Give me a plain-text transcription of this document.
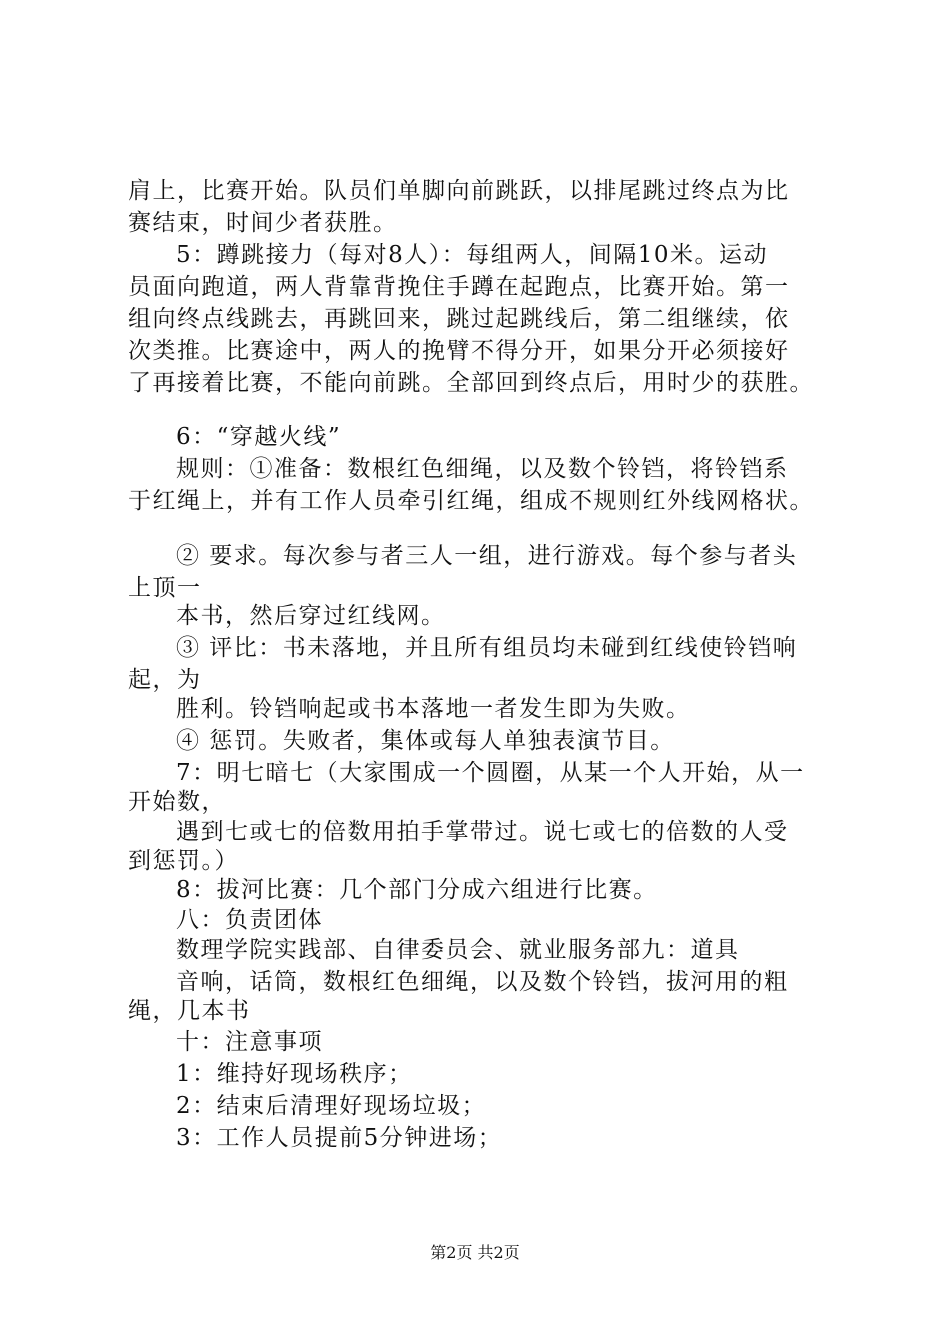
肩上，比赛开始。队员们单脚向前跳跃，以排尾跳过终点为比
赛结束，时间少者获胜。
5：蹲跳接力（每对8人）：每组两人，间隔10米。运动
员面向跑道，两人背靠背挽住手蹲在起跑点，比赛开始。第一
组向终点线跳去，再跳回来，跳过起跳线后，第二组继续，依
次类推。比赛途中，两人的挽臂不得分开，如果分开必须接好
了再接着比赛，不能向前跳。全部回到终点后，用时少的获胜。
6：“穿越火线”
规则：①准备：数根红色细绳，以及数个铃铛，将铃铛系
于红绳上，并有工作人员牵引红绳，组成不规则红外线网格状。
② 要求。每次参与者三人一组，进行游戏。每个参与者头
上顶一
本书，然后穿过红线网。
③ 评比：书未落地，并且所有组员均未碰到红线使铃铛响
起，为
胜利。铃铛响起或书本落地一者发生即为失败。
④ 惩罚。失败者，集体或每人单独表演节目。
7：明七暗七（大家围成一个圆圈，从某一个人开始，从一
开始数，
遇到七或七的倍数用拍手掌带过。说七或七的倍数的人受
到惩罚。）
8：拔河比赛：几个部门分成六组进行比赛。
八：负责团体
数理学院实践部、自律委员会、就业服务部九：道具
音响，话筒，数根红色细绳，以及数个铃铛，拔河用的粗
绳，几本书
十：注意事项
1：维持好现场秩序；
2：结束后清理好现场垃圾；
3：工作人员提前5分钟进场；
第2页 共2页
